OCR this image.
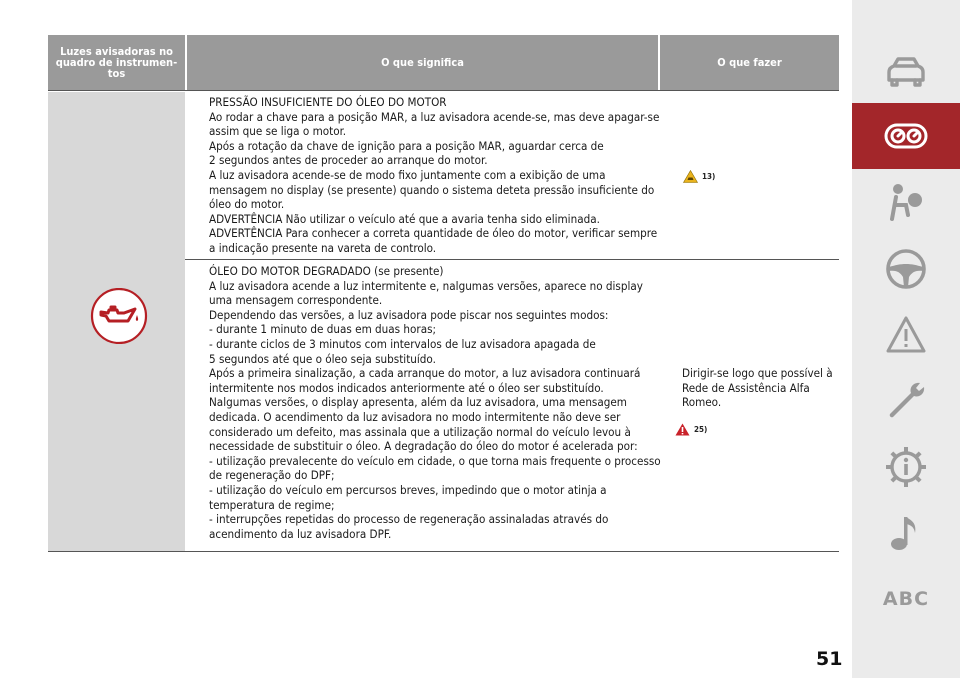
Luzes avisadoras no quadro de instrumen-tos
O que significa	O que fazer
PRESSÃO INSUFICIENTE DO ÓLEO DO MOTOR
Ao rodar a chave para a posição MAR, a luz avisadora acende-se, mas deve apagar-se assim que se liga o motor.
Após a rotação da chave de ignição para a posição MAR, aguardar cerca de
2 segundos antes de proceder ao arranque do motor.
A luz avisadora acende-se de modo fixo juntamente com a exibição de uma mensagem no display (se presente) quando o sistema deteta pressão insuficiente do óleo do motor.
ADVERTÊNCIA Não utilizar o veículo até que a avaria tenha sido eliminada.
ADVERTÊNCIA Para conhecer a correta quantidade de óleo do motor, verificar sempre a indicação presente na vareta de controlo.
13)
ÓLEO DO MOTOR DEGRADADO (se presente)
A luz avisadora acende a luz intermitente e, nalgumas versões, aparece no display uma mensagem correspondente.
Dependendo das versões, a luz avisadora pode piscar nos seguintes modos:
- durante 1 minuto de duas em duas horas;
- durante ciclos de 3 minutos com intervalos de luz avisadora apagada de
5 segundos até que o óleo seja substituído.
Após a primeira sinalização, a cada arranque do motor, a luz avisadora continuará intermitente nos modos indicados anteriormente até o óleo ser substituído.
Nalgumas versões, o display apresenta, além da luz avisadora, uma mensagem dedicada. O acendimento da luz avisadora no modo intermitente não deve ser considerado um defeito, mas assinala que a utilização normal do veículo levou à necessidade de substituir o óleo. A degradação do óleo do motor é acelerada por:
- utilização prevalecente do veículo em cidade, o que torna mais frequente o processo de regeneração do DPF;
- utilização do veículo em percursos breves, impedindo que o motor atinja a temperatura de regime;
- interrupções repetidas do processo de regeneração assinaladas através do acendimento da luz avisadora DPF.
Dirigir-se logo que possível à Rede de Assistência Alfa Romeo.
25)
51
ABC
